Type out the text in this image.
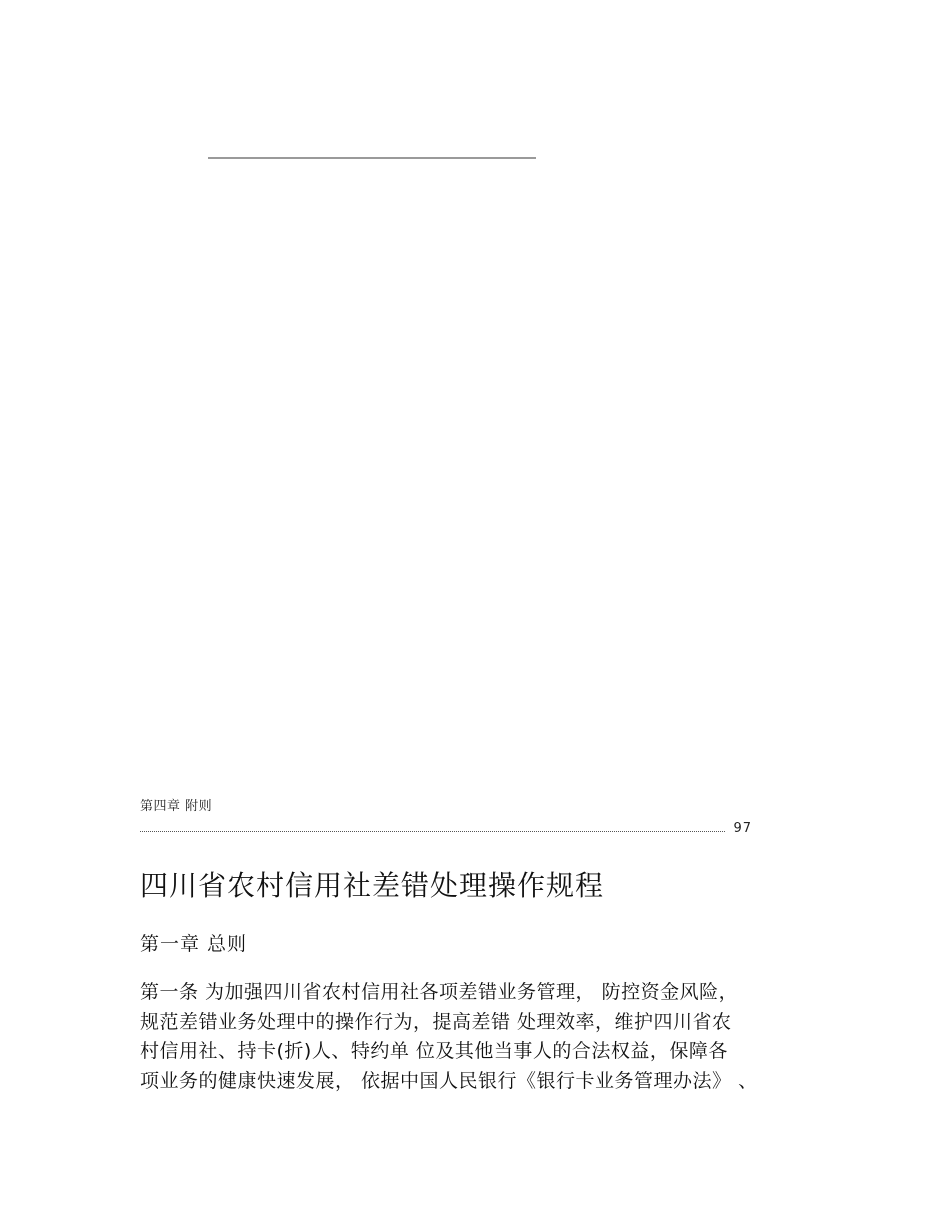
第四章 附则
97
四川省农村信用社差错处理操作规程
第一章 总则
第一条 为加强四川省农村信用社各项差错业务管理， 防控资金风险，
规范差错业务处理中的操作行为，提高差错 处理效率，维护四川省农
村信用社、持卡(折)人、特约单 位及其他当事人的合法权益，保障各
项业务的健康快速发展， 依据中国人民银行《银行卡业务管理办法》 、
